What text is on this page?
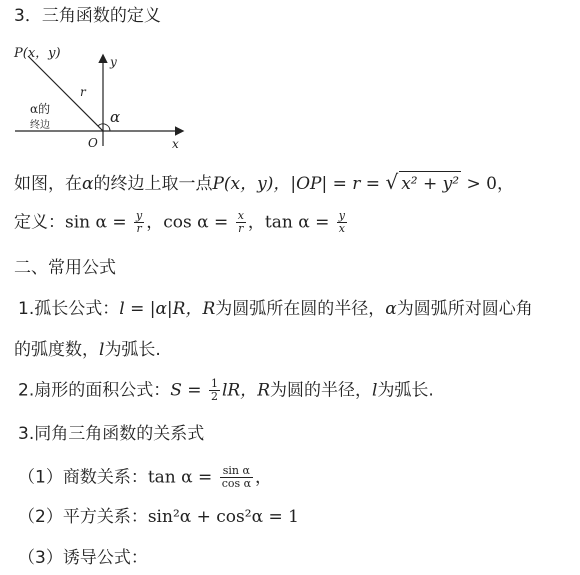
3．三角函数的定义
P(x，y)
r
y
x
O
α
α的
终边
如图，在α的终边上取一点P(x，y)，|OP| = r = √ x² + y² > 0，
定义：$\sin \alpha = \frac{y}{r}$ ，$\cos \alpha = \frac{x}{r}$ ，$\tan \alpha = \frac{y}{x}$
二、常用公式
1.孤长公式：l = |α|R，R为圆弧所在圆的半径，α为圆弧所对圆心角
的弧度数，l为弧长.
2.扇形的面积公式：$S = \frac{1}{2}$ lR，R为圆的半径，l为弧长.
3.同角三角函数的关系式
（1）商数关系：$\tan \alpha = \frac{\text{sin α}}{\text{cos α}}$ ，
（2）平方关系：sin²α + cos²α = 1
（3）诱导公式：
